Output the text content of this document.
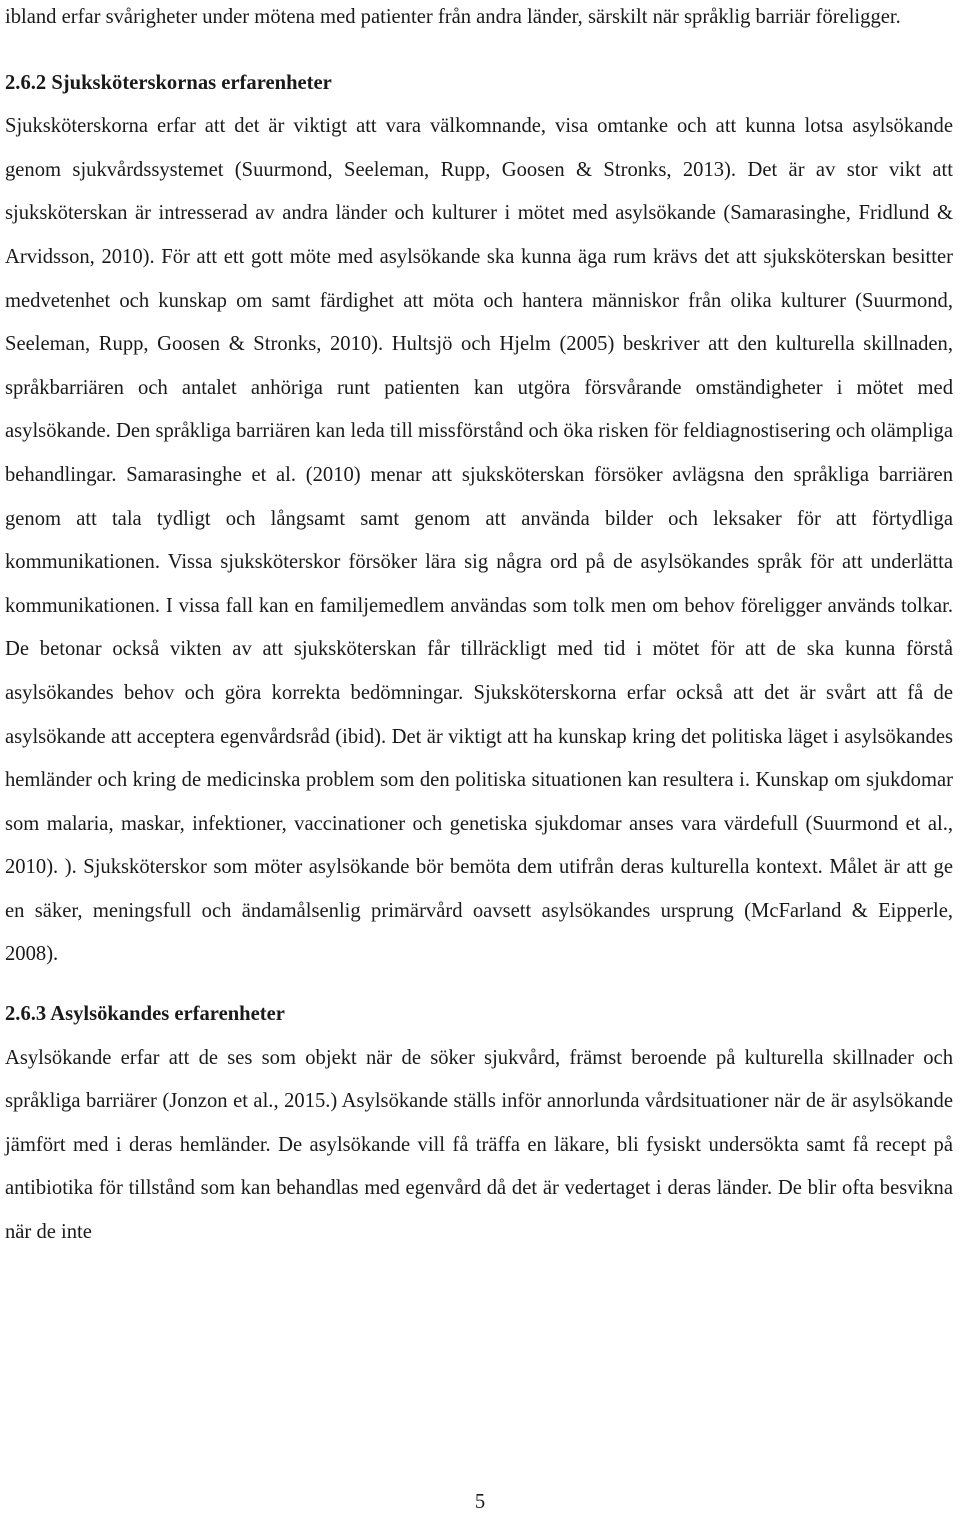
ibland erfar svårigheter under mötena med patienter från andra länder, särskilt när språklig barriär föreligger.

2.6.2 Sjuksköterskornas erfarenheter

Sjuksköterskorna erfar att det är viktigt att vara välkomnande, visa omtanke och att kunna lotsa asylsökande genom sjukvårdssystemet (Suurmond, Seeleman, Rupp, Goosen & Stronks, 2013). Det är av stor vikt att sjuksköterskan är intresserad av andra länder och kulturer i mötet med asylsökande (Samarasinghe, Fridlund & Arvidsson, 2010). För att ett gott möte med asylsökande ska kunna äga rum krävs det att sjuksköterskan besitter medvetenhet och kunskap om samt färdighet att möta och hantera människor från olika kulturer (Suurmond, Seeleman, Rupp, Goosen & Stronks, 2010). Hultsjö och Hjelm (2005) beskriver att den kulturella skillnaden, språkbarriären och antalet anhöriga runt patienten kan utgöra försvårande omständigheter i mötet med asylsökande. Den språkliga barriären kan leda till missförstånd och öka risken för feldiagnostisering och olämpliga behandlingar. Samarasinghe et al. (2010) menar att sjuksköterskan försöker avlägsna den språkliga barriären genom att tala tydligt och långsamt samt genom att använda bilder och leksaker för att förtydliga kommunikationen. Vissa sjuksköterskor försöker lära sig några ord på de asylsökandes språk för att underlätta kommunikationen. I vissa fall kan en familjemedlem användas som tolk men om behov föreligger används tolkar. De betonar också vikten av att sjuksköterskan får tillräckligt med tid i mötet för att de ska kunna förstå asylsökandes behov och göra korrekta bedömningar. Sjuksköterskorna erfar också att det är svårt att få de asylsökande att acceptera egenvårdsråd (ibid). Det är viktigt att ha kunskap kring det politiska läget i asylsökandes hemländer och kring de medicinska problem som den politiska situationen kan resultera i. Kunskap om sjukdomar som malaria, maskar, infektioner, vaccinationer och genetiska sjukdomar anses vara värdefull (Suurmond et al., 2010). ). Sjuksköterskor som möter asylsökande bör bemöta dem utifrån deras kulturella kontext. Målet är att ge en säker, meningsfull och ändamålsenlig primärvård oavsett asylsökandes ursprung (McFarland & Eipperle, 2008).

2.6.3 Asylsökandes erfarenheter

Asylsökande erfar att de ses som objekt när de söker sjukvård, främst beroende på kulturella skillnader och språkliga barriärer (Jonzon et al., 2015.) Asylsökande ställs inför annorlunda vårdsituationer när de är asylsökande jämfört med i deras hemländer. De asylsökande vill få träffa en läkare, bli fysiskt undersökta samt få recept på antibiotika för tillstånd som kan behandlas med egenvård då det är vedertaget i deras länder. De blir ofta besvikna när de inte

5
